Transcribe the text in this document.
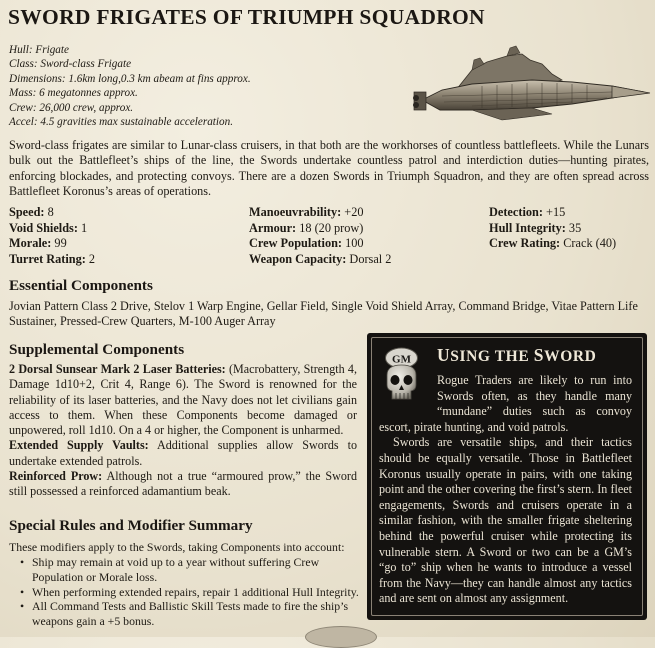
SWORD FRIGATES OF TRIUMPH SQUADRON
Hull: Frigate
Class: Sword-class Frigate
Dimensions: 1.6km long,0.3 km abeam at fins approx.
Mass: 6 megatonnes approx.
Crew: 26,000 crew, approx.
Accel: 4.5 gravities max sustainable acceleration.
Sword-class frigates are similar to Lunar-class cruisers, in that both are the workhorses of countless battlefleets. While the Lunars bulk out the Battlefleet’s ships of the line, the Swords undertake countless patrol and interdiction duties—hunting pirates, enforcing blockades, and protecting convoys. There are a dozen Swords in Triumph Squadron, and they are often spread across Battlefleet Koronus’s areas of operations.
Speed: 8	Manoeuvrability: +20	Detection: +15
Void Shields: 1	Armour: 18 (20 prow)	Hull Integrity: 35
Morale: 99	Crew Population: 100	Crew Rating: Crack (40)
Turret Rating: 2	Weapon Capacity: Dorsal 2
Essential Components
Jovian Pattern Class 2 Drive, Stelov 1 Warp Engine, Gellar Field, Single Void Shield Array, Command Bridge, Vitae Pattern Life Sustainer, Pressed-Crew Quarters, M-100 Auger Array
Supplemental Components

2 Dorsal Sunsear Mark 2 Laser Batteries: (Macrobattery, Strength 4, Damage 1d10+2, Crit 4, Range 6). The Sword is renowned for the reliability of its laser batteries, and the Navy does not let civilians gain access to them. When these Components become damaged or unpowered, roll 1d10. On a 4 or higher, the Component is unharmed.

Extended Supply Vaults: Additional supplies allow Swords to undertake extended patrols.

Reinforced Prow: Although not a true “armoured prow,” the Sword still possessed a reinforced adamantium beak.

Special Rules and Modifier Summary
These modifiers apply to the Swords, taking Components into account:
• Ship may remain at void up to a year without suffering Crew Population or Morale loss.
• When performing extended repairs, repair 1 additional Hull Integrity.
• All Command Tests and Ballistic Skill Tests made to fire the ship’s weapons gain a +5 bonus.
GM USING THE SWORD

Rogue Traders are likely to run into Swords often, as they handle many “mundane” duties such as convoy escort, pirate hunting, and void patrols.

Swords are versatile ships, and their tactics should be equally versatile. Those in Battlefleet Koronus usually operate in pairs, with one taking point and the other covering the first’s stern. In fleet engagements, Swords and cruisers operate in a similar fashion, with the smaller frigate sheltering behind the powerful cruiser while protecting its vulnerable stern. A Sword or two can be a GM’s “go to” ship when he wants to introduce a vessel from the Navy—they can handle almost any tactics and are sent on almost any assignment.
